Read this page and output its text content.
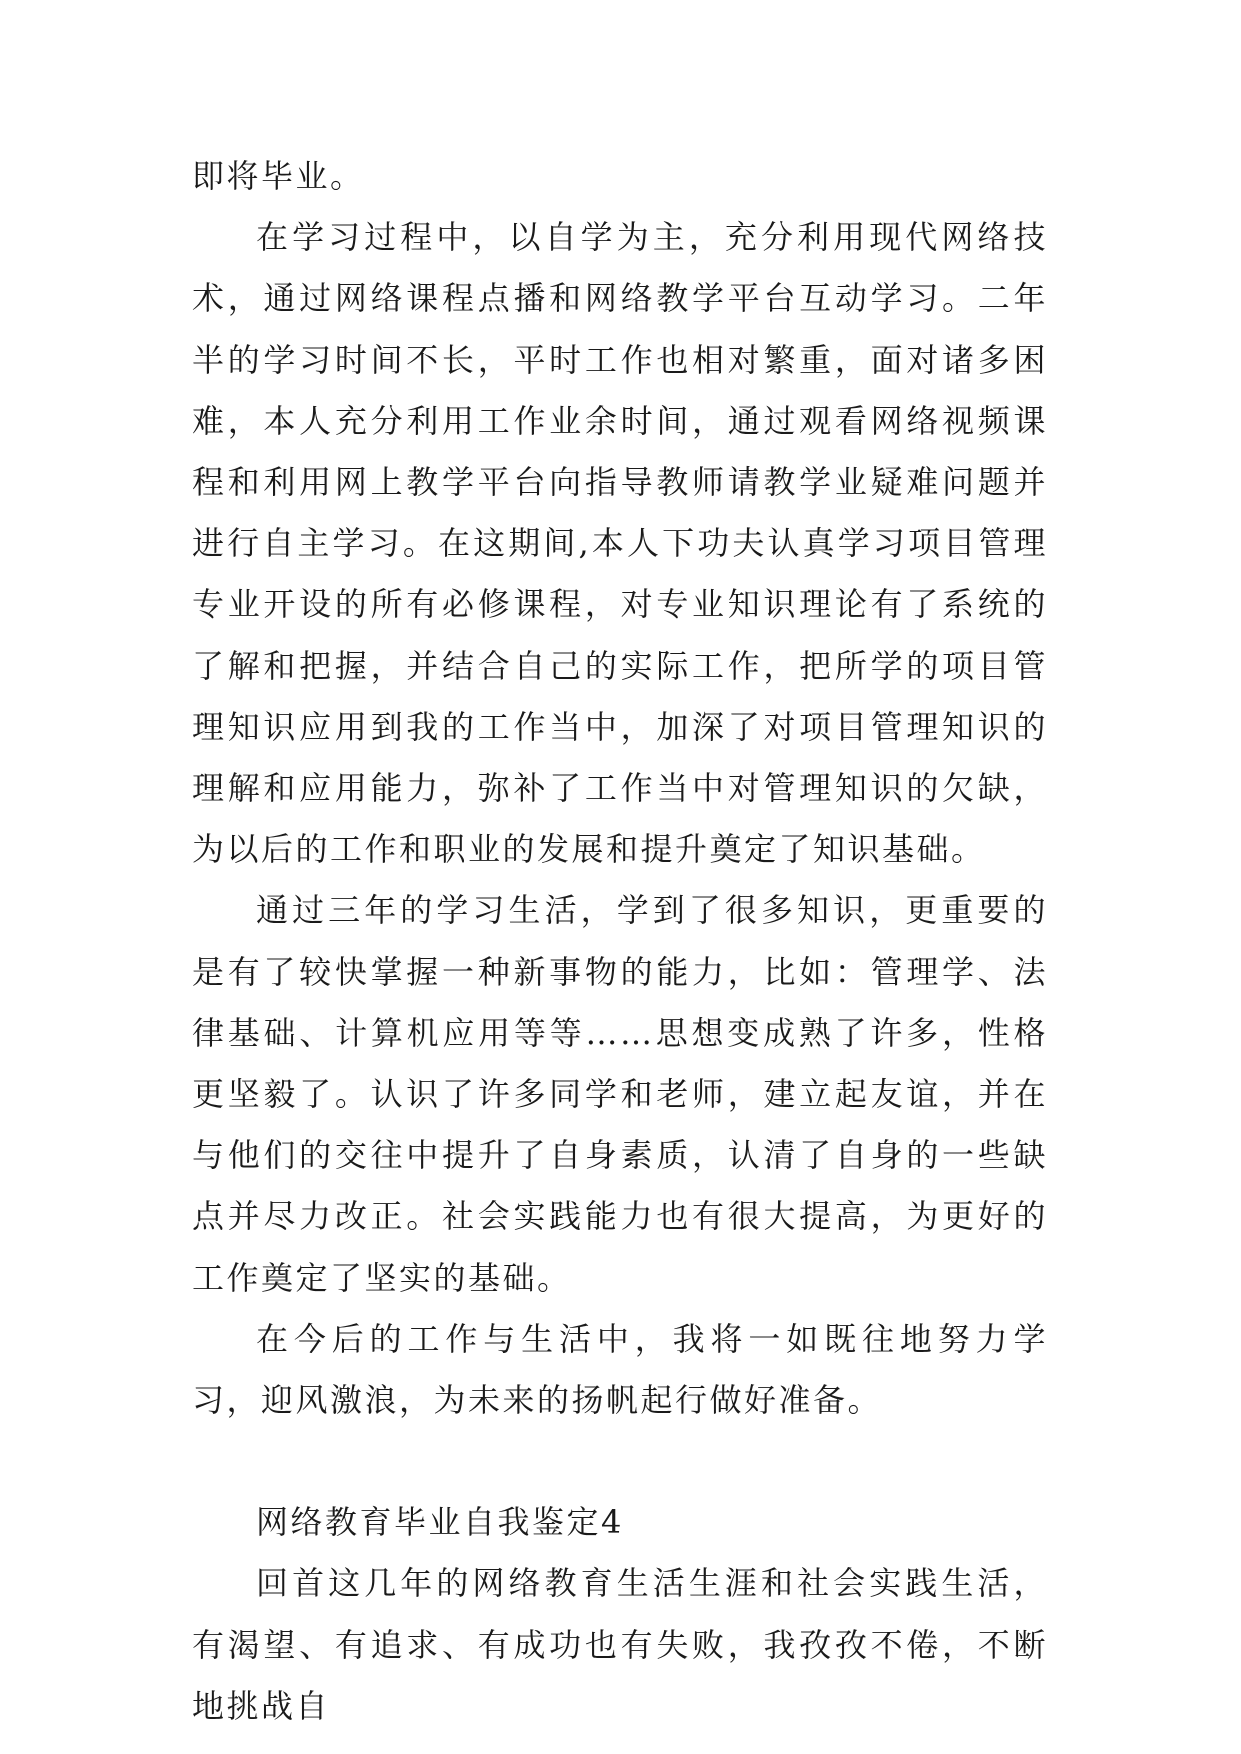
即将毕业。

在学习过程中，以自学为主，充分利用现代网络技术，通过网络课程点播和网络教学平台互动学习。二年半的学习时间不长，平时工作也相对繁重，面对诸多困难，本人充分利用工作业余时间，通过观看网络视频课程和利用网上教学平台向指导教师请教学业疑难问题并进行自主学习。在这期间,本人下功夫认真学习项目管理专业开设的所有必修课程，对专业知识理论有了系统的了解和把握，并结合自己的实际工作，把所学的项目管理知识应用到我的工作当中，加深了对项目管理知识的理解和应用能力，弥补了工作当中对管理知识的欠缺，为以后的工作和职业的发展和提升奠定了知识基础。

通过三年的学习生活，学到了很多知识，更重要的是有了较快掌握一种新事物的能力，比如：管理学、法律基础、计算机应用等等……思想变成熟了许多，性格更坚毅了。认识了许多同学和老师，建立起友谊，并在与他们的交往中提升了自身素质，认清了自身的一些缺点并尽力改正。社会实践能力也有很大提高，为更好的工作奠定了坚实的基础。

在今后的工作与生活中，我将一如既往地努力学习，迎风激浪，为未来的扬帆起行做好准备。

网络教育毕业自我鉴定4

回首这几年的网络教育生活生涯和社会实践生活，有渴望、有追求、有成功也有失败，我孜孜不倦，不断地挑战自
